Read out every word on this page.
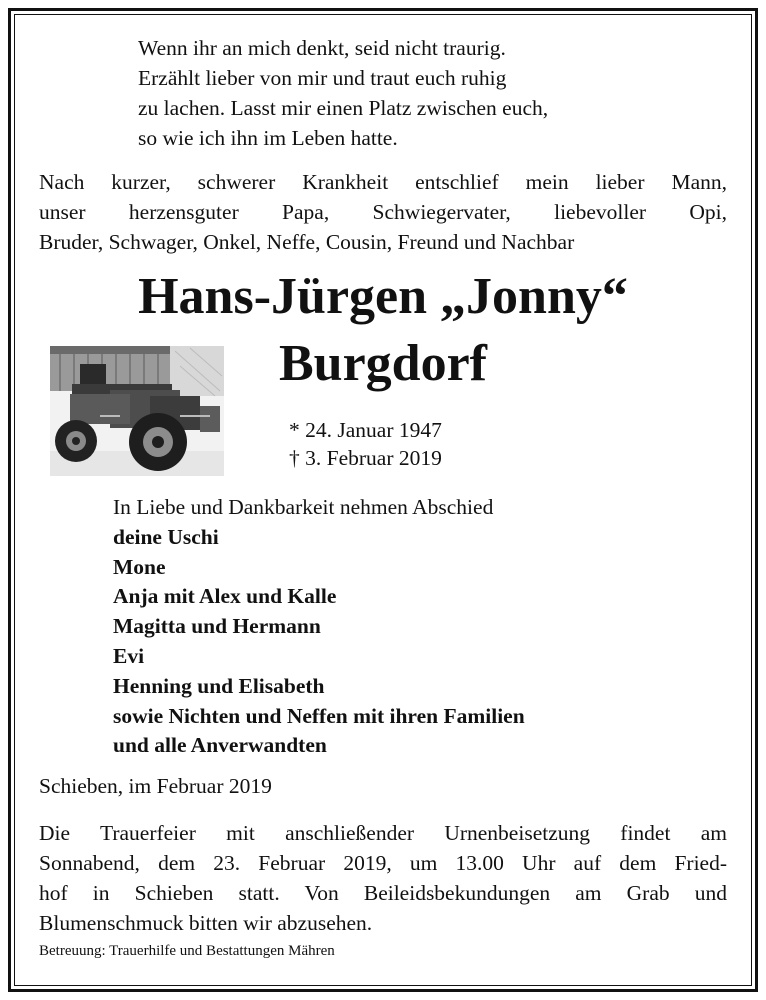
Wenn ihr an mich denkt, seid nicht traurig.
Erzählt lieber von mir und traut euch ruhig
zu lachen. Lasst mir einen Platz zwischen euch,
so wie ich ihn im Leben hatte.
Nach kurzer, schwerer Krankheit entschlief mein lieber Mann,
unser herzensguter Papa, Schwiegervater, liebevoller Opi,
Bruder, Schwager, Onkel, Neffe, Cousin, Freund und Nachbar
Hans-Jürgen „Jonny“
Burgdorf
* 24. Januar 1947
† 3. Februar 2019
In Liebe und Dankbarkeit nehmen Abschied
deine Uschi
Mone
Anja mit Alex und Kalle
Magitta und Hermann
Evi
Henning und Elisabeth
sowie Nichten und Neffen mit ihren Familien
und alle Anverwandten
Schieben, im Februar 2019
Die Trauerfeier mit anschließender Urnenbeisetzung findet am
Sonnabend, dem 23. Februar 2019, um 13.00 Uhr auf dem Fried-
hof in Schieben statt. Von Beileidsbekundungen am Grab und
Blumenschmuck bitten wir abzusehen.
Betreuung: Trauerhilfe und Bestattungen Mähren
